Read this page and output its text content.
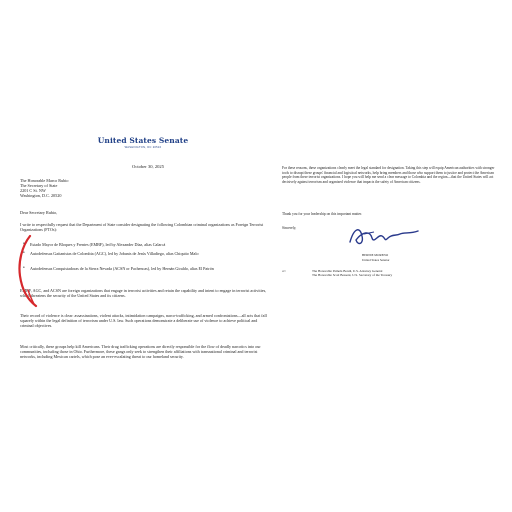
United States Senate
WASHINGTON, DC 20510
October 30, 2025
The Honorable Marco Rubio
The Secretary of State
2201 C St. NW
Washington, D.C. 20520
Dear Secretary Rubio,
I write to respectfully request that the Department of State consider designating the following Colombian criminal organizations as Foreign Terrorist Organizations (FTOs):
• Estado Mayor de Bloques y Frentes (EMBF), led by Alexander Díaz, alias Calarcá
• Autodefensas Gaitanistas de Colombia (AGC), led by Jobanis de Jesús Villadiego, alias Chiquito Malo
• Autodefensas Conquistadoras de la Sierra Nevada (ACSN or Pachencas), led by Hernán Giraldo, alias El Patrón
EMBF, AGC, and ACSN are foreign organizations that engage in terrorist activities and retain the capability and intent to engage in terrorist activities, which threatens the security of the United States and its citizens.
Their record of violence is clear: assassinations, violent attacks, intimidation campaigns, narco-trafficking, and armed confrontations—all acts that fall squarely within the legal definition of terrorism under U.S. law. Such operations demonstrate a deliberate use of violence to achieve political and criminal objectives.
Most critically, these groups help kill Americans. Their drug trafficking operations are directly responsible for the flow of deadly narcotics into our communities, including those in Ohio. Furthermore, these gangs only seek to strengthen their affiliations with transnational criminal and terrorist networks, including Mexican cartels, which pose an ever-escalating threat to our homeland security.
For these reasons, these organizations clearly meet the legal standard for designation. Taking this step will equip American authorities with stronger tools to disrupt these groups' financial and logistical networks, help bring members and those who support them to justice and protect the American people from these terrorist organizations. I hope you will help me send a clear message to Colombia and the region—that the United States will act decisively against terrorism and organized violence that impacts the safety of American citizens.
Thank you for your leadership on this important matter.
Sincerely,
BERNIE MORENO
United States Senator
cc:	The Honorable Pamela Bondi, U.S. Attorney General
The Honorable Scott Bessent, U.S. Secretary of the Treasury
